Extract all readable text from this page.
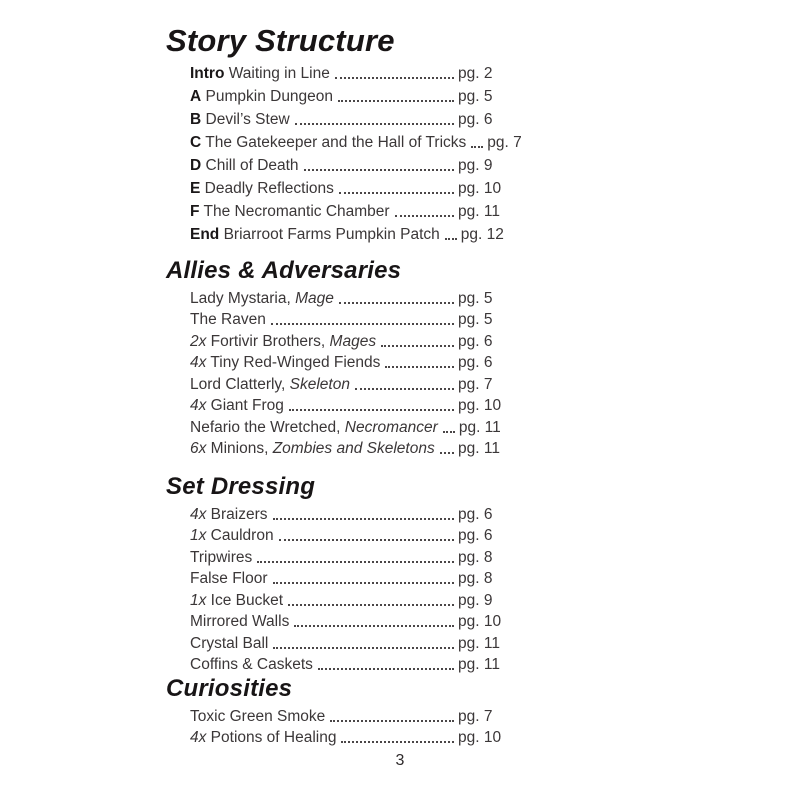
Story Structure
Intro Waiting in Line	pg. 2
A Pumpkin Dungeon	pg. 5
B Devil’s Stew	pg. 6
C The Gatekeeper and the Hall of Tricks pg. 7
D Chill of Death	pg. 9
E Deadly Reflections	pg. 10
F The Necromantic Chamber	pg. 11
End Briarroot Farms Pumpkin Patch pg. 12
Allies & Adversaries
Lady Mystaria, Mage	pg. 5
The Raven	pg. 5
2x Fortivir Brothers, Mages	pg. 6
4x Tiny Red-Winged Fiends	pg. 6
Lord Clatterly, Skeleton	pg. 7
4x Giant Frog	pg. 10
Nefario the Wretched, Necromancer pg. 11
6x Minions, Zombies and Skeletons pg. 11
Set Dressing
4x Braizers	pg. 6
1x Cauldron	pg. 6
Tripwires	pg. 8
False Floor	pg. 8
1x Ice Bucket	pg. 9
Mirrored Walls	pg. 10
Crystal Ball	pg. 11
Coffins & Caskets	pg. 11
Curiosities
Toxic Green Smoke	pg. 7
4x Potions of Healing	pg. 10
3
